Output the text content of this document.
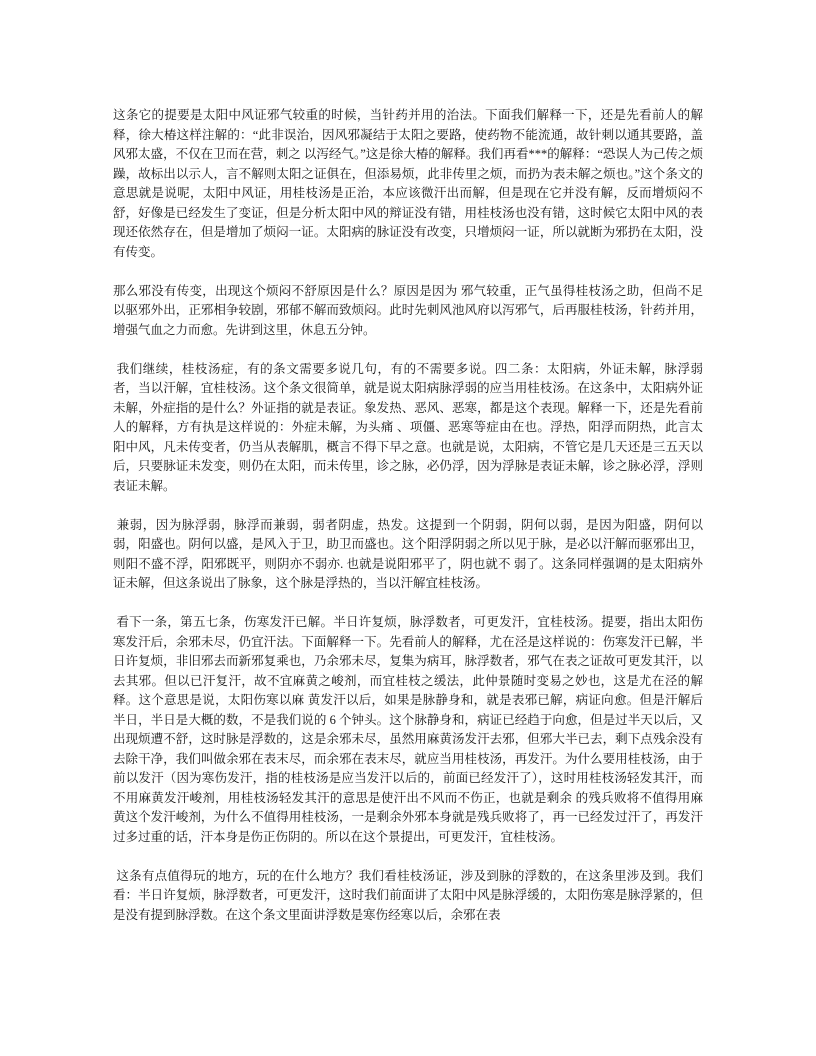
这条它的提要是太阳中风证邪气较重的时候，当针药并用的治法。下面我们解释一下，还是先看前人的解释，徐大椿这样注解的：“此非误治，因风邪凝结于太阳之要路，使药物不能流通，故针刺以通其要路，盖风邪太盛，不仅在卫而在营，刺之 以泻经气。”这是徐大椿的解释。我们再看***的解释：“恐误人为己传之烦躁，故标出以示人，言不解则太阳之证俱在，但添易烦，此非传里之烦，而扔为表未解之烦也。”这个条文的意思就是说呢，太阳中风证，用桂枝汤是正治，本应该微汗出而解，但是现在它并没有解，反而增烦闷不舒，好像是已经发生了变证，但是分析太阳中风的辩证没有错，用桂枝汤也没有错，这时候它太阳中风的表现还依然存在，但是增加了烦闷一证。太阳病的脉证没有改变，只增烦闷一证，所以就断为邪扔在太阳，没有传变。

那么邪没有传变，出现这个烦闷不舒原因是什么？原因是因为 邪气较重，正气虽得桂枝汤之助，但尚不足以驱邪外出，正邪相争较剧，邪郁不解而致烦闷。此时先刺风池风府以泻邪气，后再服桂枝汤，针药并用，增强气血之力而愈。先讲到这里，休息五分钟。

我们继续，桂枝汤症，有的条文需要多说几句，有的不需要多说。四二条：太阳病，外证未解，脉浮弱者，当以汗解，宜桂枝汤。这个条文很简单，就是说太阳病脉浮弱的应当用桂枝汤。在这条中，太阳病外证未解，外症指的是什么？外证指的就是表证。象发热、恶风、恶寒，都是这个表现。解释一下，还是先看前人的解释，方有执是这样说的：外症未解，为头痛 、项僵、恶寒等症由在也。浮热，阳浮而阴热，此言太阳中风，凡未传变者，仍当从表解肌，概言不得下早之意。也就是说，太阳病，不管它是几天还是三五天以后，只要脉证未发变，则仍在太阳，而未传里，诊之脉，必仍浮，因为浮脉是表证未解，诊之脉必浮，浮则表证未解。

兼弱，因为脉浮弱，脉浮而兼弱，弱者阴虚，热发。这提到一个阴弱，阴何以弱，是因为阳盛，阴何以弱，阳盛也。阴何以盛，是风入于卫，助卫而盛也。这个阳浮阴弱之所以见于脉，是必以汗解而驱邪出卫，则阳不盛不浮，阳邪既平，则阴亦不弱亦. 也就是说阳邪平了，阴也就不 弱了。这条同样强调的是太阳病外证未解，但这条说出了脉象，这个脉是浮热的，当以汗解宜桂枝汤。

看下一条，第五七条，伤寒发汗已解。半日许复烦，脉浮数者，可更发汗，宜桂枝汤。提要，指出太阳伤寒发汗后，余邪未尽，仍宜汗法。下面解释一下。先看前人的解释，尤在泾是这样说的：伤寒发汗已解，半日许复烦，非旧邪去而新邪复乘也，乃余邪未尽，复集为病耳，脉浮数者，邪气在表之证故可更发其汗，以去其邪。但以已汗复汗，故不宜麻黄之峻剂，而宜桂枝之缓法，此仲景随时变易之妙也，这是尤在泾的解释。这个意思是说，太阳伤寒以麻 黄发汗以后，如果是脉静身和，就是表邪已解，病证向愈。但是汗解后半日，半日是大概的数，不是我们说的 6 个钟头。这个脉静身和，病证已经趋于向愈，但是过半天以后，又出现烦遭不舒，这时脉是浮数的，这是余邪未尽，虽然用麻黄汤发汗去邪，但邪大半已去，剩下点残余没有去除干净，我们叫做余邪在表末尽，而余邪在表末尽，就应当用桂枝汤，再发汗。为什么要用桂枝汤，由于前以发汗（因为寒伤发汗，指的桂枝汤是应当发汗以后的，前面已经发汗了），这时用桂枝汤轻发其汗，而不用麻黄发汗峻剂，用桂枝汤轻发其汗的意思是使汗出不风而不伤正，也就是剩余 的残兵败将不值得用麻黄这个发汗峻剂，为什么不值得用桂枝汤，一是剩余外邪本身就是残兵败将了，再一已经发过汗了，再发汗过多过重的话，汗本身是伤正伤阴的。所以在这个景提出，可更发汗，宜桂枝汤。

这条有点值得玩的地方，玩的在什么地方？我们看桂枝汤证，涉及到脉的浮数的，在这条里涉及到。我们看：半日许复烦，脉浮数者，可更发汗，这时我们前面讲了太阳中风是脉浮缓的，太阳伤寒是脉浮紧的，但是没有提到脉浮数。在这个条文里面讲浮数是寒伤经寒以后，余邪在表
